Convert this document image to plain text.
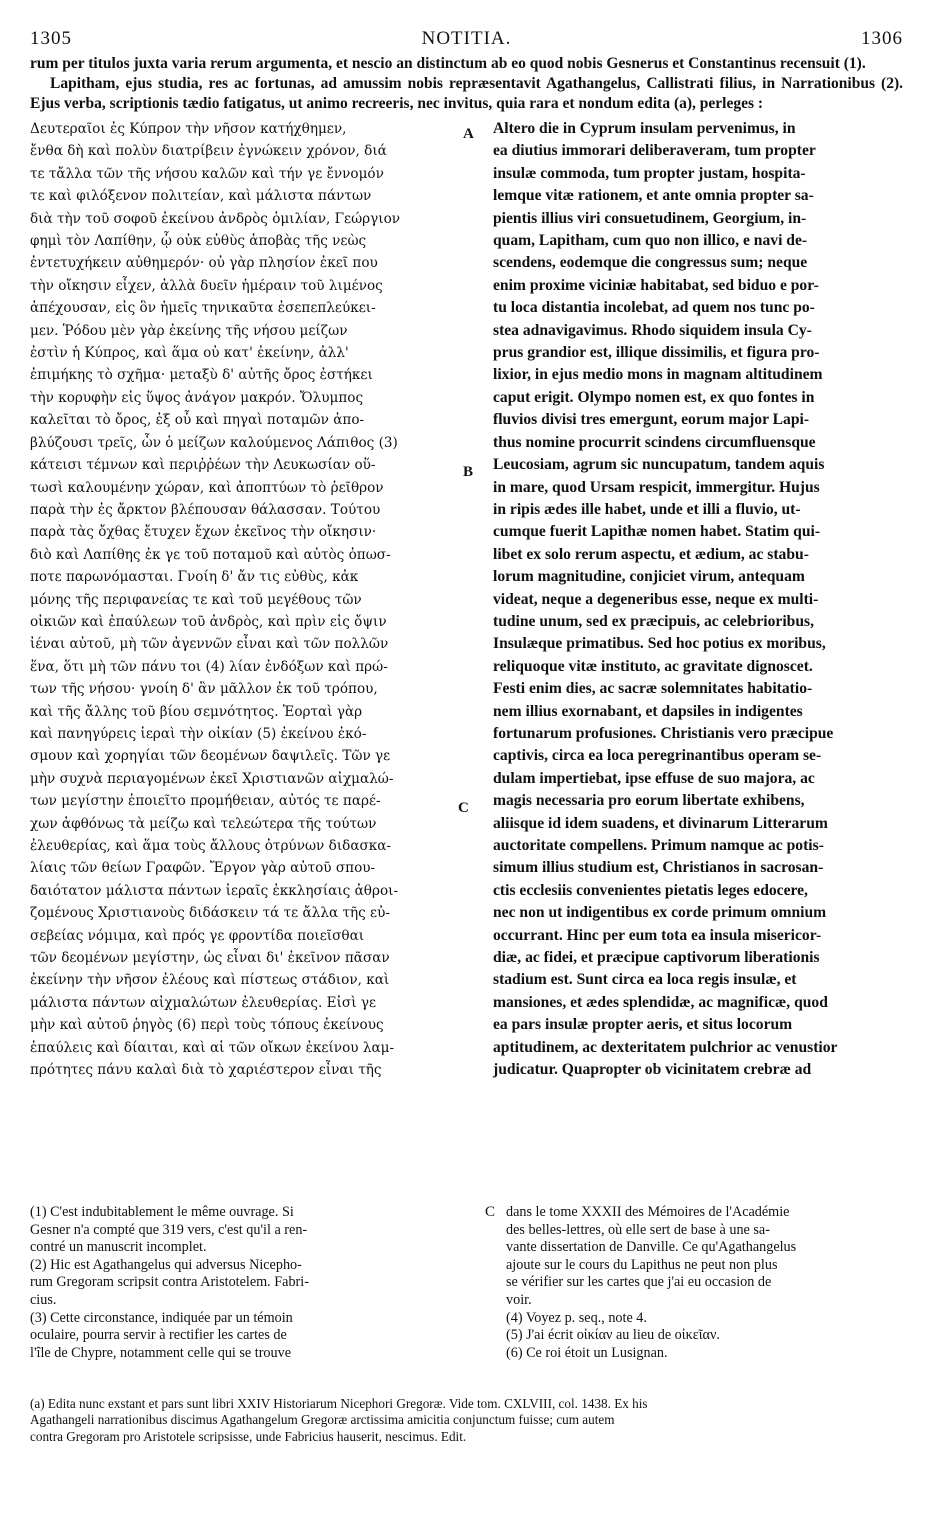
1305	NOTITIA.	1306

rum per titulos juxta varia rerum argumenta, et nescio an distinctum ab eo quod nobis Gesnerus et Constantinus recensuit (1).

Lapitham, ejus studia, res ac fortunas, ad amussim nobis repræsentavit Agathangelus, Callistrati filius, in Narrationibus (2). Ejus verba, scriptionis tædio fatigatus, ut animo recreeris, nec invitus, quia rara et nondum edita (a), perleges :

Δευτεραῖοι ἐς Κύπρον τὴν νῆσον κατήχθημεν,
ἔνθα δὴ καὶ πολὺν διατρίβειν ἐγνώκειν χρόνον, διά
τε τἄλλα τῶν τῆς νήσου καλῶν καὶ τήν γε ἔννομόν
τε καὶ φιλόξενον πολιτείαν, καὶ μάλιστα πάντων
διὰ τὴν τοῦ σοφοῦ ἐκείνου ἀνδρὸς ὁμιλίαν, Γεώργιον
φημὶ τὸν Λαπίθην, ᾧ οὐκ εὐθὺς ἀποβὰς τῆς νεὼς
ἐντετυχήκειν αὐθημερόν· οὐ γὰρ πλησίον ἐκεῖ που
τὴν οἴκησιν εἶχεν, ἀλλὰ δυεῖν ἡμέραιν τοῦ λιμένος
ἀπέχουσαν, εἰς ὃν ἡμεῖς τηνικαῦτα ἐσεπεπλεύκει-
μεν. Ῥόδου μὲν γὰρ ἐκείνης τῆς νήσου μείζων
ἐστὶν ἡ Κύπρος, καὶ ἅμα οὐ κατ' ἐκείνην, ἀλλ'
ἐπιμήκης τὸ σχῆμα· μεταξὺ δ' αὐτῆς ὄρος ἐστήκει
τὴν κορυφὴν εἰς ὕψος ἀνάγον μακρόν. Ὄλυμπος
καλεῖται τὸ ὄρος, ἐξ οὗ καὶ πηγαὶ ποταμῶν ἀπο-
βλύζουσι τρεῖς, ὧν ὁ μείζων καλούμενος Λάπιθος (3)
κάτεισι τέμνων καὶ περιῤῥέων τὴν Λευκωσίαν οὕ-
τωσὶ καλουμένην χώραν, καὶ ἀποπτύων τὸ ῥεῖθρον
παρὰ τὴν ἐς ἄρκτον βλέπουσαν θάλασσαν. Τούτου
παρὰ τὰς ὄχθας ἔτυχεν ἔχων ἐκεῖνος τὴν οἴκησιν·
διὸ καὶ Λαπίθης ἐκ γε τοῦ ποταμοῦ καὶ αὐτὸς ὁπωσ-
ποτε παρωνόμασται. Γνοίη δ' ἄν τις εὐθὺς, κἀκ
μόνης τῆς περιφανείας τε καὶ τοῦ μεγέθους τῶν
οἰκιῶν καὶ ἐπαύλεων τοῦ ἀνδρὸς, καὶ πρὶν εἰς ὄψιν
ἰέναι αὐτοῦ, μὴ τῶν ἀγεννῶν εἶναι καὶ τῶν πολλῶν
ἕνα, ὅτι μὴ τῶν πάνυ τοι (4) λίαν ἐνδόξων καὶ πρώ-
των τῆς νήσου· γνοίη δ' ἂν μᾶλλον ἐκ τοῦ τρόπου,
καὶ τῆς ἄλλης τοῦ βίου σεμνότητος. Ἑορταὶ γὰρ
καὶ πανηγύρεις ἱεραὶ τὴν οἰκίαν (5) ἐκείνου ἐκό-
σμουν καὶ χορηγίαι τῶν δεομένων δαψιλεῖς. Τῶν γε
μὴν συχνὰ περιαγομένων ἐκεῖ Χριστιανῶν αἰχμαλώ-
των μεγίστην ἐποιεῖτο προμήθειαν, αὐτός τε παρέ-
χων ἀφθόνως τὰ μείζω καὶ τελεώτερα τῆς τούτων
ἐλευθερίας, καὶ ἅμα τοὺς ἄλλους ὀτρύνων διδασκα-
λίαις τῶν θείων Γραφῶν. Ἔργον γὰρ αὐτοῦ σπου-
δαιότατον μάλιστα πάντων ἱεραῖς ἐκκλησίαις ἀθροι-
ζομένους Χριστιανοὺς διδάσκειν τά τε ἄλλα τῆς εὐ-
σεβείας νόμιμα, καὶ πρός γε φροντίδα ποιεῖσθαι
τῶν δεομένων μεγίστην, ὡς εἶναι δι' ἐκεῖνον πᾶσαν
ἐκείνην τὴν νῆσον ἐλέους καὶ πίστεως στάδιον, καὶ
μάλιστα πάντων αἰχμαλώτων ἐλευθερίας. Εἰσὶ γε
μὴν καὶ αὐτοῦ ῥηγὸς (6) περὶ τοὺς τόπους ἐκείνους
ἐπαύλεις καὶ δίαιται, καὶ αἱ τῶν οἴκων ἐκείνου λαμ-
πρότητες πάνυ καλαὶ διὰ τὸ χαριέστερον εἶναι τῆς
A
B
C
Altero die in Cyprum insulam pervenimus, in
ea diutius immorari deliberaveram, tum propter
insulæ commoda, tum propter justam, hospita-
lemque vitæ rationem, et ante omnia propter sa-
pientis illius viri consuetudinem, Georgium, in-
quam, Lapitham, cum quo non illico, e navi de-
scendens, eodemque die congressus sum; neque
enim proxime viciniæ habitabat, sed biduo e por-
tu loca distantia incolebat, ad quem nos tunc po-
stea adnavigavimus. Rhodo siquidem insula Cy-
prus grandior est, illique dissimilis, et figura pro-
lixior, in ejus medio mons in magnam altitudinem
caput erigit. Olympo nomen est, ex quo fontes in
fluvios divisi tres emergunt, eorum major Lapi-
thus nomine procurrit scindens circumfluensque
Leucosiam, agrum sic nuncupatum, tandem aquis
in mare, quod Ursam respicit, immergitur. Hujus
in ripis ædes ille habet, unde et illi a fluvio, ut-
cumque fuerit Lapithæ nomen habet. Statim qui-
libet ex solo rerum aspectu, et ædium, ac stabu-
lorum magnitudine, conjiciet virum, antequam
videat, neque a degeneribus esse, neque ex multi-
tudine unum, sed ex præcipuis, ac celebrioribus,
Insulæque primatibus. Sed hoc potius ex moribus,
reliquoque vitæ instituto, ac gravitate dignoscet.
Festi enim dies, ac sacræ solemnitates habitatio-
nem illius exornabant, et dapsiles in indigentes
fortunarum profusiones. Christianis vero præcipue
captivis, circa ea loca peregrinantibus operam se-
dulam impertiebat, ipse effuse de suo majora, ac
magis necessaria pro eorum libertate exhibens,
aliisque id idem suadens, et divinarum Litterarum
auctoritate compellens. Primum namque ac potis-
simum illius studium est, Christianos in sacrosan-
ctis ecclesiis convenientes pietatis leges edocere,
nec non ut indigentibus ex corde primum omnium
occurrant. Hinc per eum tota ea insula misericor-
diæ, ac fidei, et præcipue captivorum liberationis
stadium est. Sunt circa ea loca regis insulæ, et
mansiones, et ædes splendidæ, ac magnificæ, quod
ea pars insulæ propter aeris, et situs locorum
aptitudinem, ac dexteritatem pulchrior ac venustior
judicatur. Quapropter ob vicinitatem crebræ ad
(1) C'est indubitablement le même ouvrage. Si
Gesner n'a compté que 319 vers, c'est qu'il a ren-
contré un manuscrit incomplet.
(2) Hic est Agathangelus qui adversus Nicepho-
rum Gregoram scripsit contra Aristotelem. Fabri-
cius.
(3) Cette circonstance, indiquée par un témoin
oculaire, pourra servir à rectifier les cartes de
l'île de Chypre, notamment celle qui se trouve
C dans le tome XXXII des Mémoires de l'Académie
des belles-lettres, où elle sert de base à une sa-
vante dissertation de Danville. Ce qu'Agathangelus
ajoute sur le cours du Lapithus ne peut non plus
se vérifier sur les cartes que j'ai eu occasion de
voir.
(4) Voyez p. seq., note 4.
(5) J'ai écrit οἰκίαν au lieu de οἰκεῖαν.
(6) Ce roi étoit un Lusignan.
(a) Edita nunc exstant et pars sunt libri XXIV Historiarum Nicephori Gregoræ. Vide tom. CXLVIII, col. 1438. Ex his
Agathangeli narrationibus discimus Agathangelum Gregoræ arctissima amicitia conjunctum fuisse; cum autem
contra Gregoram pro Aristotele scripsisse, unde Fabricius hauserit, nescimus. Edit.
